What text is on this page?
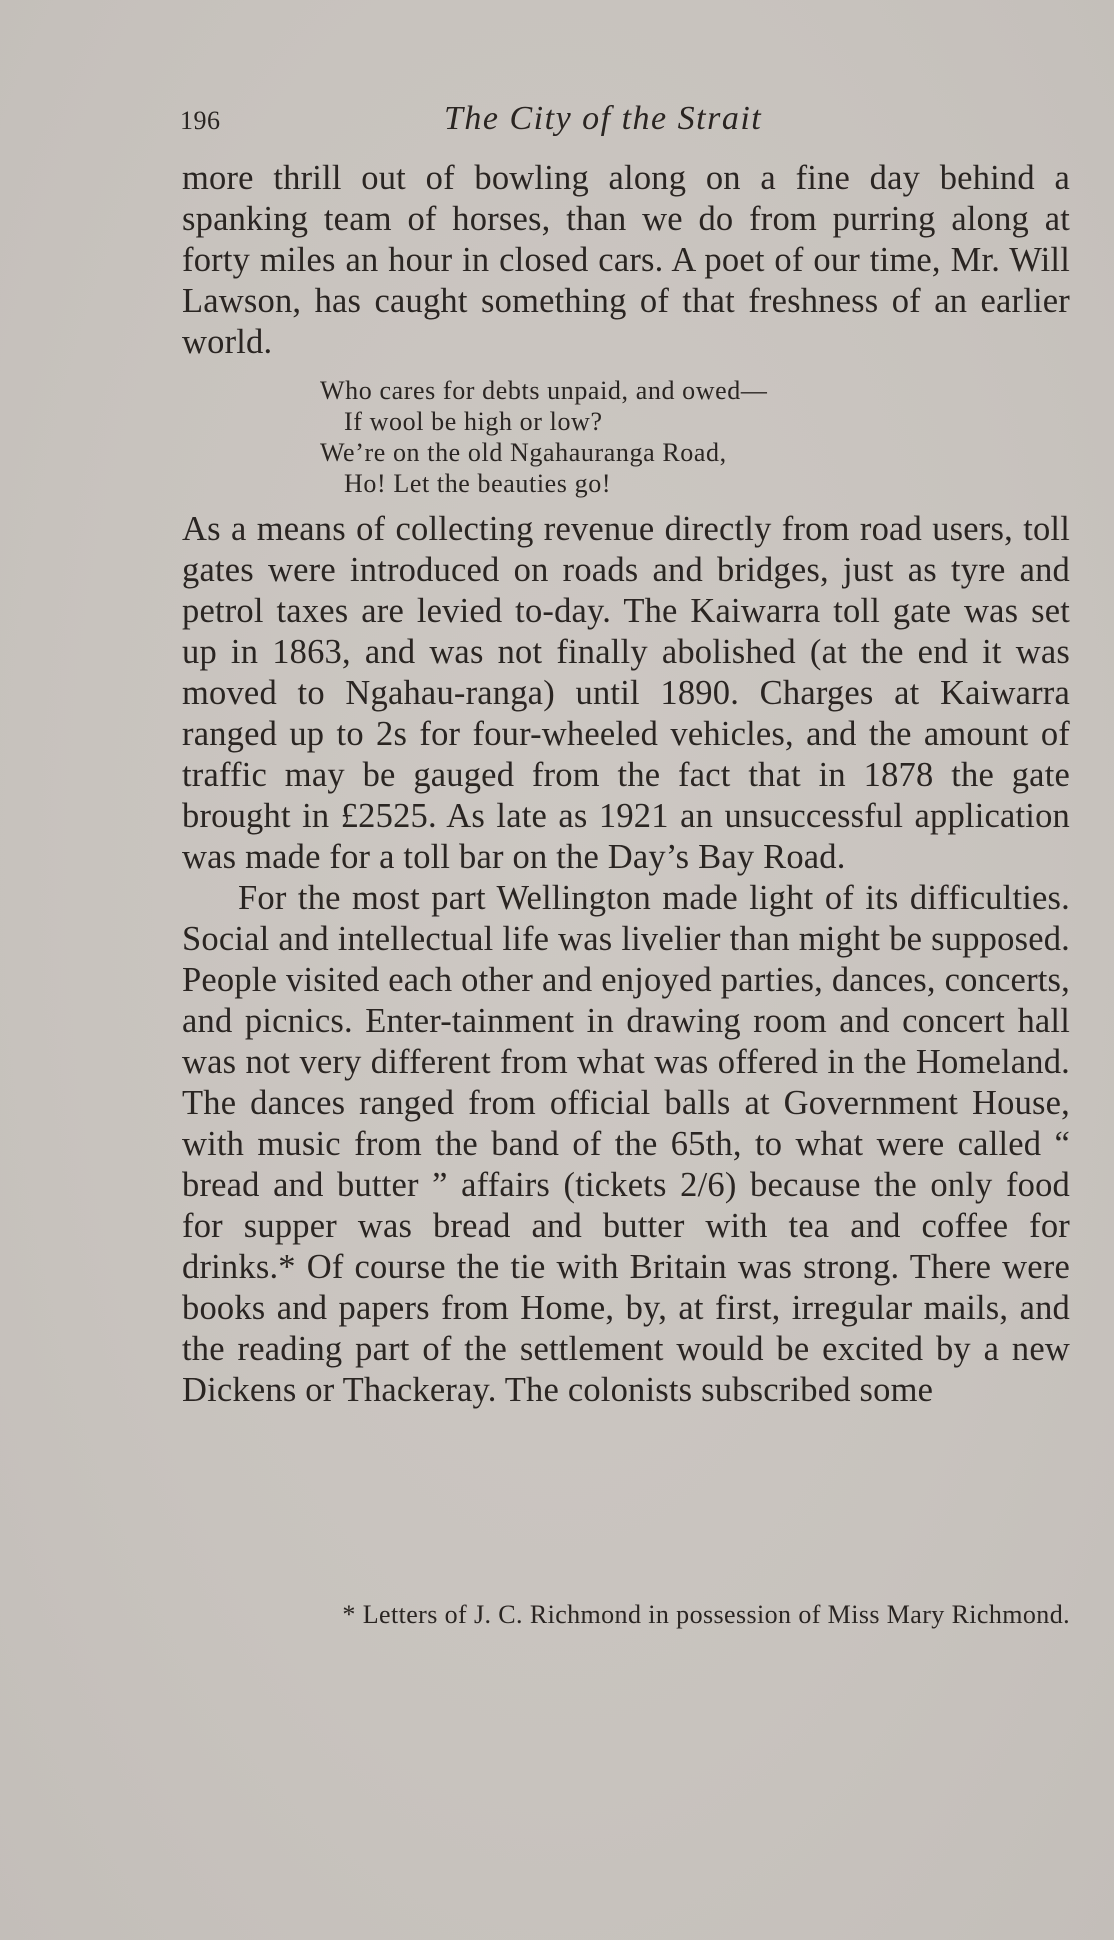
196	The City of the Strait

more thrill out of bowling along on a fine day behind a spanking team of horses, than we do from purring along at forty miles an hour in closed cars. A poet of our time, Mr. Will Lawson, has caught something of that freshness of an earlier world.

Who cares for debts unpaid, and owed—
If wool be high or low?
We’re on the old Ngahauranga Road,
Ho! Let the beauties go!

As a means of collecting revenue directly from road users, toll gates were introduced on roads and bridges, just as tyre and petrol taxes are levied to-day. The Kaiwarra toll gate was set up in 1863, and was not finally abolished (at the end it was moved to Ngahau-ranga) until 1890. Charges at Kaiwarra ranged up to 2s for four-wheeled vehicles, and the amount of traffic may be gauged from the fact that in 1878 the gate brought in £2525. As late as 1921 an unsuccessful application was made for a toll bar on the Day’s Bay Road.

For the most part Wellington made light of its difficulties. Social and intellectual life was livelier than might be supposed. People visited each other and enjoyed parties, dances, concerts, and picnics. Enter-tainment in drawing room and concert hall was not very different from what was offered in the Homeland. The dances ranged from official balls at Government House, with music from the band of the 65th, to what were called “ bread and butter ” affairs (tickets 2/6) because the only food for supper was bread and butter with tea and coffee for drinks.* Of course the tie with Britain was strong. There were books and papers from Home, by, at first, irregular mails, and the reading part of the settlement would be excited by a new Dickens or Thackeray. The colonists subscribed some

* Letters of J. C. Richmond in possession of Miss Mary Richmond.
